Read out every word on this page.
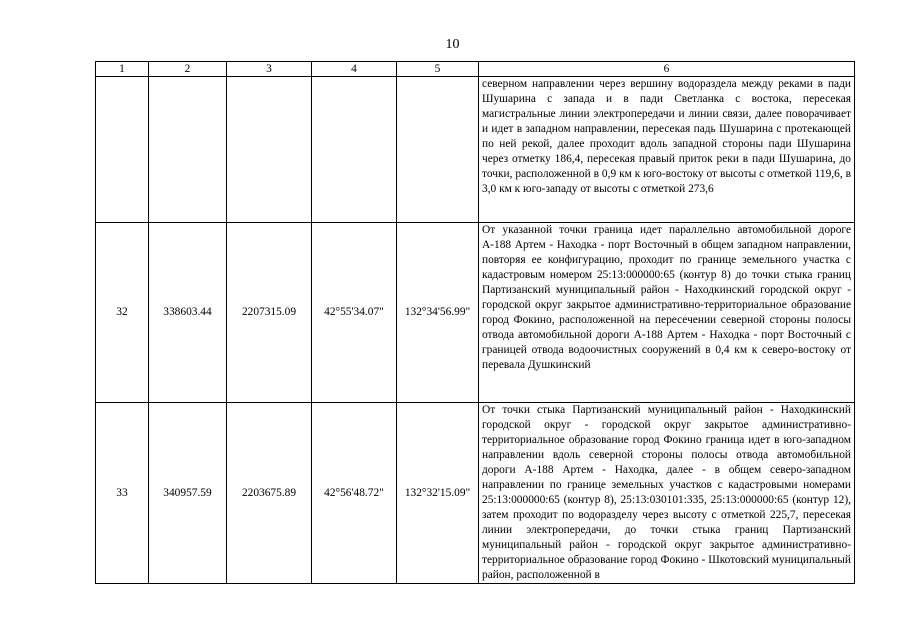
10
1	2	3	4	5	6
					северном направлении через вершину водораздела между реками в пади Шушарина с запада и в пади Светланка с востока, пересекая магистральные линии электропередачи и линии связи, далее поворачивает и идет в западном направлении, пересекая падь Шушарина с протекающей по ней рекой, далее проходит вдоль западной стороны пади Шушарина через отметку 186,4, пересекая правый приток реки в пади Шушарина, до точки, расположенной в 0,9 км к юго-востоку от высоты с отметкой 119,6, в 3,0 км к юго-западу от высоты с отметкой 273,6
32	338603.44	2207315.09	42°55'34.07"	132°34'56.99"	От указанной точки граница идет параллельно автомобильной дороге А-188 Артем - Находка - порт Восточный в общем западном направлении, повторяя ее конфигурацию, проходит по границе земельного участка с кадастровым номером 25:13:000000:65 (контур 8) до точки стыка границ Партизанский муниципальный район - Находкинский городской округ - городской округ закрытое административно-территориальное образование город Фокино, расположенной на пересечении северной стороны полосы отвода автомобильной дороги А-188 Артем - Находка - порт Восточный с границей отвода водоочистных сооружений в 0,4 км к северо-востоку от перевала Душкинский
33	340957.59	2203675.89	42°56'48.72"	132°32'15.09"	От точки стыка Партизанский муниципальный район - Находкинский городской округ - городской округ закрытое административно-территориальное образование город Фокино граница идет в юго-западном направлении вдоль северной стороны полосы отвода автомобильной дороги А-188 Артем - Находка, далее - в общем северо-западном направлении по границе земельных участков с кадастровыми номерами 25:13:000000:65 (контур 8), 25:13:030101:335, 25:13:000000:65 (контур 12), затем проходит по водоразделу через высоту с отметкой 225,7, пересекая линии электропередачи, до точки стыка границ Партизанский муниципальный район - городской округ закрытое административно-территориальное образование город Фокино - Шкотовский муниципальный район, расположенной в
